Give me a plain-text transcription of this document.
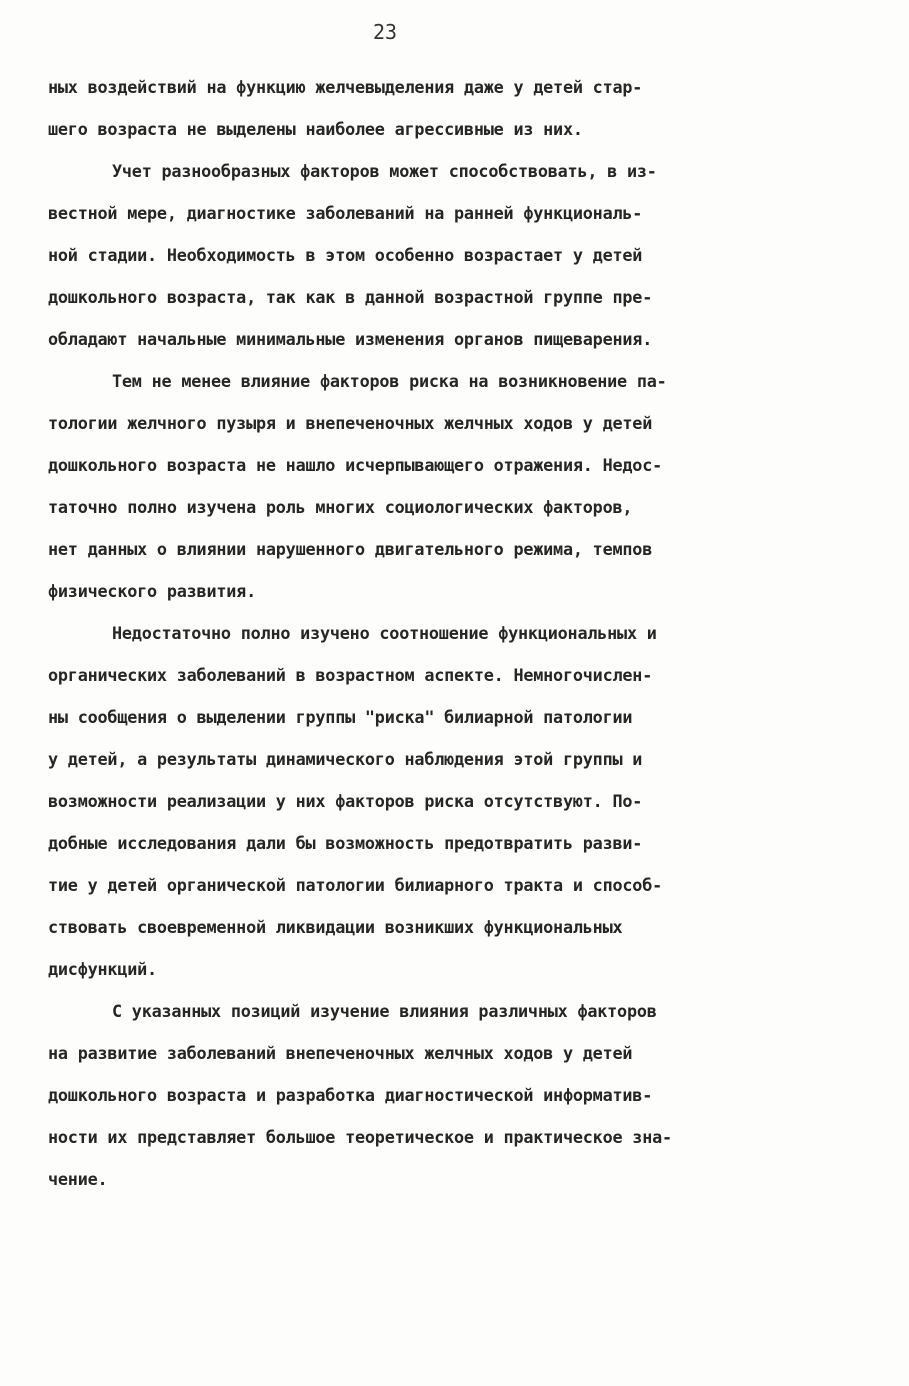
23
ных воздействий на функцию желчевыделения даже у детей стар-
шего возраста не выделены наиболее агрессивные из них.
Учет разнообразных факторов может способствовать, в из-
вестной мере, диагностике заболеваний на ранней функциональ-
ной стадии. Необходимость в этом особенно возрастает у детей
дошкольного возраста, так как в данной возрастной группе пре-
обладают начальные минимальные изменения органов пищеварения.
Тем не менее влияние факторов риска на возникновение па-
тологии желчного пузыря и внепеченочных желчных ходов у детей
дошкольного возраста не нашло исчерпывающего отражения. Недос-
таточно полно изучена роль многих социологических факторов,
нет данных о влиянии нарушенного двигательного режима, темпов
физического развития.
Недостаточно полно изучено соотношение функциональных и
органических заболеваний в возрастном аспекте. Немногочислен-
ны сообщения о выделении группы "риска" билиарной патологии
у детей, а результаты динамического наблюдения этой группы и
возможности реализации у них факторов риска отсутствуют. По-
добные исследования дали бы возможность предотвратить разви-
тие у детей органической патологии билиарного тракта и способ-
ствовать своевременной ликвидации возникших функциональных
дисфункций.
С указанных позиций изучение влияния различных факторов
на развитие заболеваний внепеченочных желчных ходов у детей
дошкольного возраста и разработка диагностической информатив-
ности их представляет большое теоретическое и практическое зна-
чение.
